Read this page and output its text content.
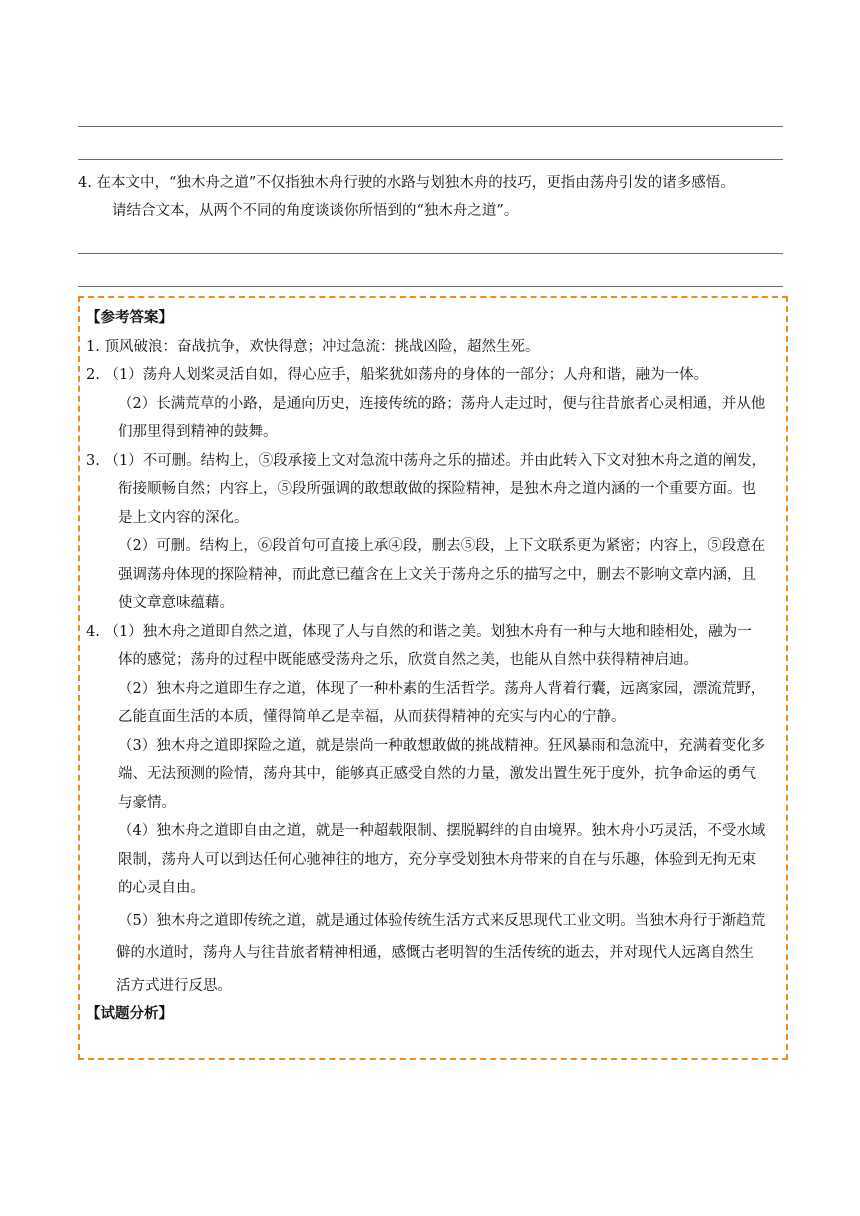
4. 在本文中，“独木舟之道”不仅指独木舟行驶的水路与划独木舟的技巧，更指由荡舟引发的诸多感悟。
请结合文本，从两个不同的角度谈谈你所悟到的“独木舟之道”。
【参考答案】
1. 顶风破浪：奋战抗争，欢快得意；冲过急流：挑战凶险，超然生死。
2. （1）荡舟人划桨灵活自如，得心应手，船桨犹如荡舟的身体的一部分；人舟和谐，融为一体。
（2）长满荒草的小路，是通向历史，连接传统的路；荡舟人走过时，便与往昔旅者心灵相通，并从他
们那里得到精神的鼓舞。
3. （1）不可删。结构上，⑤段承接上文对急流中荡舟之乐的描述。并由此转入下文对独木舟之道的阐发，
衔接顺畅自然；内容上，⑤段所强调的敢想敢做的探险精神，是独木舟之道内涵的一个重要方面。也
是上文内容的深化。
（2）可删。结构上，⑥段首句可直接上承④段，删去⑤段，上下文联系更为紧密；内容上，⑤段意在
强调荡舟体现的探险精神，而此意已蕴含在上文关于荡舟之乐的描写之中，删去不影响文章内涵，且
使文章意味蕴藉。
4. （1）独木舟之道即自然之道，体现了人与自然的和谐之美。划独木舟有一种与大地和睦相处，融为一
体的感觉；荡舟的过程中既能感受荡舟之乐，欣赏自然之美，也能从自然中获得精神启迪。
（2）独木舟之道即生存之道，体现了一种朴素的生活哲学。荡舟人背着行囊，远离家园，漂流荒野，
乙能直面生活的本质，懂得简单乙是幸福，从而获得精神的充实与内心的宁静。
（3）独木舟之道即探险之道，就是崇尚一种敢想敢做的挑战精神。狂风暴雨和急流中，充满着变化多
端、无法预测的险情，荡舟其中，能够真正感受自然的力量，激发出置生死于度外，抗争命运的勇气
与豪情。
（4）独木舟之道即自由之道，就是一种超载限制、摆脱羁绊的自由境界。独木舟小巧灵活，不受水域
限制，荡舟人可以到达任何心驰神往的地方，充分享受划独木舟带来的自在与乐趣，体验到无拘无束
的心灵自由。
（5）独木舟之道即传统之道，就是通过体验传统生活方式来反思现代工业文明。当独木舟行于渐趋荒
僻的水道时，荡舟人与往昔旅者精神相通，感慨古老明智的生活传统的逝去，并对现代人远离自然生
活方式进行反思。
【试题分析】
